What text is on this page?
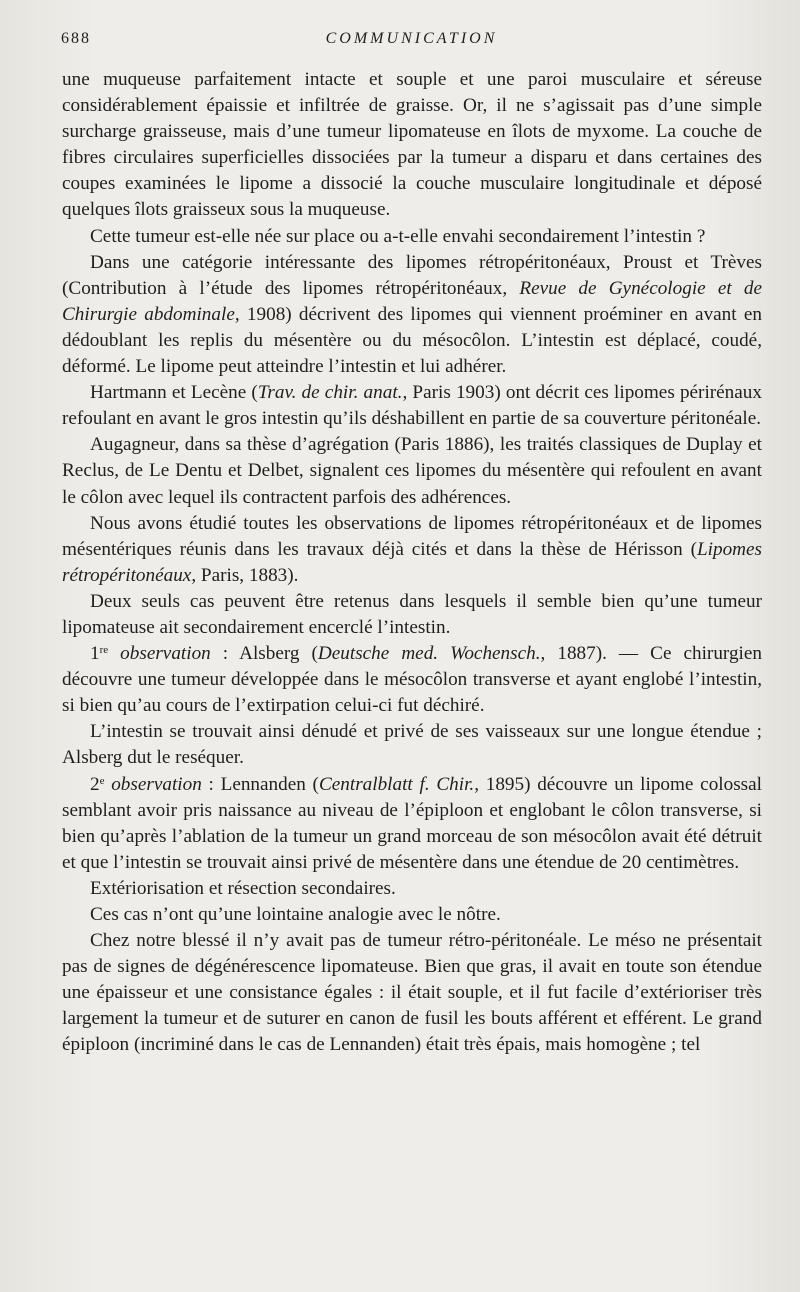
688	COMMUNICATION

une muqueuse parfaitement intacte et souple et une paroi musculaire et séreuse considérablement épaissie et infiltrée de graisse. Or, il ne s’agissait pas d’une simple surcharge graisseuse, mais d’une tumeur lipomateuse en îlots de myxome. La couche de fibres circulaires superficielles dissociées par la tumeur a disparu et dans certaines des coupes examinées le lipome a dissocié la couche musculaire longitudinale et déposé quelques îlots graisseux sous la muqueuse.

Cette tumeur est-elle née sur place ou a-t-elle envahi secondairement l’intestin ?

Dans une catégorie intéressante des lipomes rétropéritonéaux, Proust et Trèves (Contribution à l’étude des lipomes rétropéritonéaux, Revue de Gynécologie et de Chirurgie abdominale, 1908) décrivent des lipomes qui viennent proéminer en avant en dédoublant les replis du mésentère ou du mésocôlon. L’intestin est déplacé, coudé, déformé. Le lipome peut atteindre l’intestin et lui adhérer.

Hartmann et Lecène (Trav. de chir. anat., Paris 1903) ont décrit ces lipomes périrénaux refoulant en avant le gros intestin qu’ils déshabillent en partie de sa couverture péritonéale.

Augagneur, dans sa thèse d’agrégation (Paris 1886), les traités classiques de Duplay et Reclus, de Le Dentu et Delbet, signalent ces lipomes du mésentère qui refoulent en avant le côlon avec lequel ils contractent parfois des adhérences.

Nous avons étudié toutes les observations de lipomes rétropéritonéaux et de lipomes mésentériques réunis dans les travaux déjà cités et dans la thèse de Hérisson (Lipomes rétropéritonéaux, Paris, 1883).

Deux seuls cas peuvent être retenus dans lesquels il semble bien qu’une tumeur lipomateuse ait secondairement encerclé l’intestin.

1re observation : Alsberg (Deutsche med. Wochensch., 1887). — Ce chirurgien découvre une tumeur développée dans le mésocôlon transverse et ayant englobé l’intestin, si bien qu’au cours de l’extirpation celui-ci fut déchiré.

L’intestin se trouvait ainsi dénudé et privé de ses vaisseaux sur une longue étendue ; Alsberg dut le reséquer.

2e observation : Lennanden (Centralblatt f. Chir., 1895) découvre un lipome colossal semblant avoir pris naissance au niveau de l’épiploon et englobant le côlon transverse, si bien qu’après l’ablation de la tumeur un grand morceau de son mésocôlon avait été détruit et que l’intestin se trouvait ainsi privé de mésentère dans une étendue de 20 centimètres.

Extériorisation et résection secondaires.

Ces cas n’ont qu’une lointaine analogie avec le nôtre.

Chez notre blessé il n’y avait pas de tumeur rétro-péritonéale. Le méso ne présentait pas de signes de dégénérescence lipomateuse. Bien que gras, il avait en toute son étendue une épaisseur et une consistance égales : il était souple, et il fut facile d’extérioriser très largement la tumeur et de suturer en canon de fusil les bouts afférent et efférent. Le grand épiploon (incriminé dans le cas de Lennanden) était très épais, mais homogène ; tel
